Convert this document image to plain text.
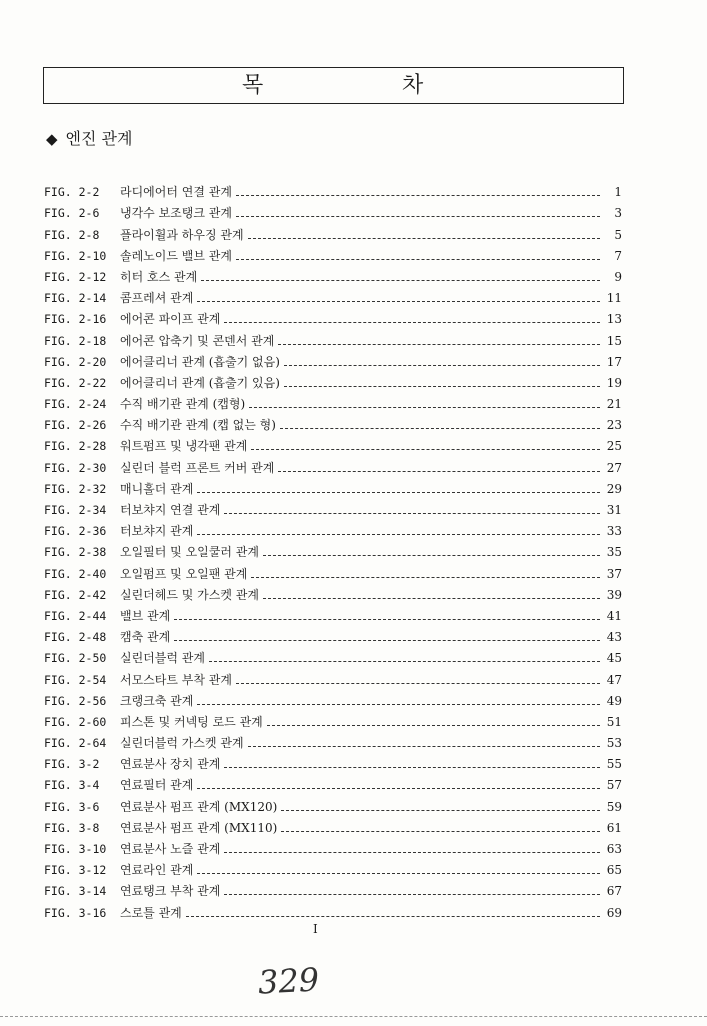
목	차
◆ 엔진 관계
FIG. 2-2	라디에어터 연결 관계	1
FIG. 2-6	냉각수 보조탱크 관계	3
FIG. 2-8	플라이휠과 하우징 관계	5
FIG. 2-10	솔레노이드 밸브 관계	7
FIG. 2-12	히터 호스 관계	9
FIG. 2-14	콤프레셔 관계	11
FIG. 2-16	에어콘 파이프 관계	13
FIG. 2-18	에어콘 압축기 및 콘덴서 관계	15
FIG. 2-20	에어클리너 관계 (흡출기 없음)	17
FIG. 2-22	에어클리너 관계 (흡출기 있음)	19
FIG. 2-24	수직 배기관 관계 (캡형)	21
FIG. 2-26	수직 배기관 관계 (캡 없는 형)	23
FIG. 2-28	워트펌프 및 냉각팬 관계	25
FIG. 2-30	실린더 블럭 프론트 커버 관계	27
FIG. 2-32	매니홀더 관계	29
FIG. 2-34	터보챠지 연결 관계	31
FIG. 2-36	터보챠지 관계	33
FIG. 2-38	오일필터 및 오일쿨러 관계	35
FIG. 2-40	오일펌프 및 오일팬 관계	37
FIG. 2-42	실린더헤드 및 가스켓 관계	39
FIG. 2-44	밸브 관계	41
FIG. 2-48	캠축 관계	43
FIG. 2-50	실린더블럭 관계	45
FIG. 2-54	서모스타트 부착 관계	47
FIG. 2-56	크랭크축 관계	49
FIG. 2-60	피스톤 및 커넥팅 로드 관계	51
FIG. 2-64	실린더블럭 가스켓 관계	53
FIG. 3-2	연료분사 장치 관계	55
FIG. 3-4	연료필터 관계	57
FIG. 3-6	연료분사 펌프 관계 (MX120)	59
FIG. 3-8	연료분사 펌프 관계 (MX110)	61
FIG. 3-10	연료분사 노즐 관계	63
FIG. 3-12	연료라인 관계	65
FIG. 3-14	연료탱크 부착 관계	67
FIG. 3-16	스로틀 관계	69
I
329
